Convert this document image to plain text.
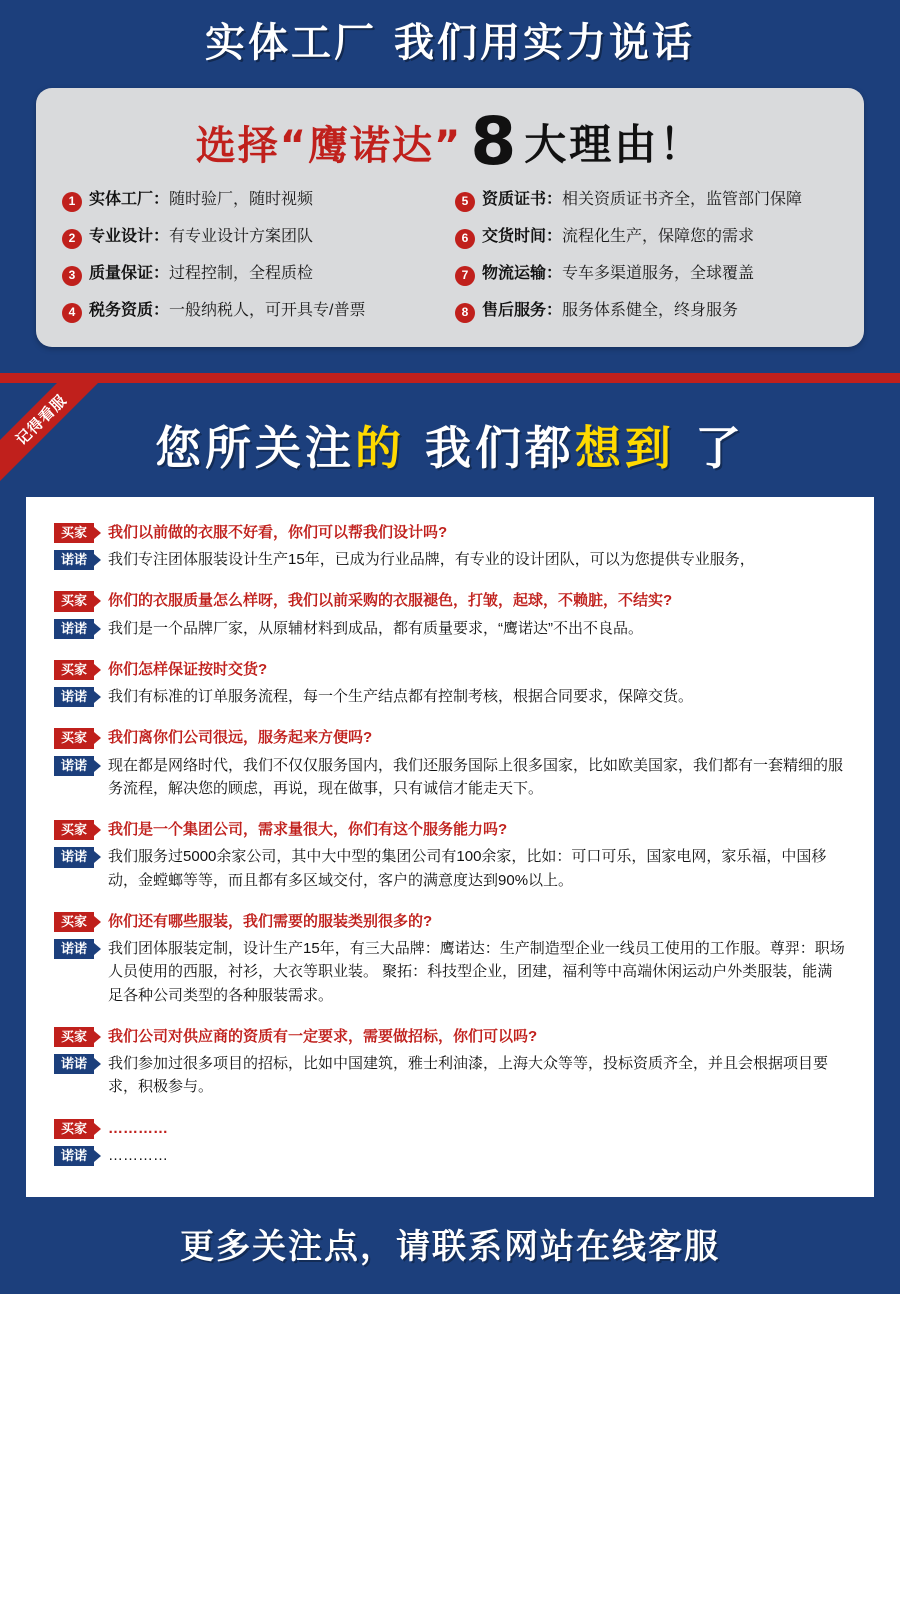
实体工厂 我们用实力说话
选择“鹰诺达” 8 大理由！
1 实体工厂：随时验厂，随时视频	5 资质证书：相关资质证书齐全，监管部门保障
2 专业设计：有专业设计方案团队	6 交货时间：流程化生产，保障您的需求
3 质量保证：过程控制，全程质检	7 物流运输：专车多渠道服务，全球覆盖
4 税务资质：一般纳税人，可开具专/普票	8 售后服务：服务体系健全，终身服务
记得看服	您所关注的 我们都想到 了
买家	我们以前做的衣服不好看，你们可以帮我们设计吗?
诺诺	我们专注团体服装设计生产15年，已成为行业品牌，有专业的设计团队，可以为您提供专业服务，
买家	你们的衣服质量怎么样呀，我们以前采购的衣服褪色，打皱，起球，不赖脏，不结实?
诺诺	我们是一个品牌厂家，从原辅材料到成品，都有质量要求，“鹰诺达”不出不良品。
买家	你们怎样保证按时交货?
诺诺	我们有标准的订单服务流程，每一个生产结点都有控制考核，根据合同要求，保障交货。
买家	我们离你们公司很远，服务起来方便吗?
诺诺	现在都是网络时代，我们不仅仅服务国内，我们还服务国际上很多国家，比如欧美国家，我们都有一套精细的服务流程，解决您的顾虑，再说，现在做事，只有诚信才能走天下。
买家	我们是一个集团公司，需求量很大，你们有这个服务能力吗?
诺诺	我们服务过5000余家公司，其中大中型的集团公司有100余家，比如：可口可乐，国家电网，家乐福，中国移动，金螳螂等等，而且都有多区域交付，客户的满意度达到90%以上。
买家	你们还有哪些服装，我们需要的服装类别很多的?
诺诺	我们团体服装定制，设计生产15年，有三大品牌：鹰诺达：生产制造型企业一线员工使用的工作服。尊羿：职场人员使用的西服，衬衫，大衣等职业装。 聚拓：科技型企业，团建，福利等中高端休闲运动户外类服装，能满足各种公司类型的各种服装需求。
买家	我们公司对供应商的资质有一定要求，需要做招标，你们可以吗?
诺诺	我们参加过很多项目的招标，比如中国建筑，雅士利油漆，上海大众等等，投标资质齐全，并且会根据项目要求，积极参与。
买家	…………
诺诺	…………
更多关注点，请联系网站在线客服
